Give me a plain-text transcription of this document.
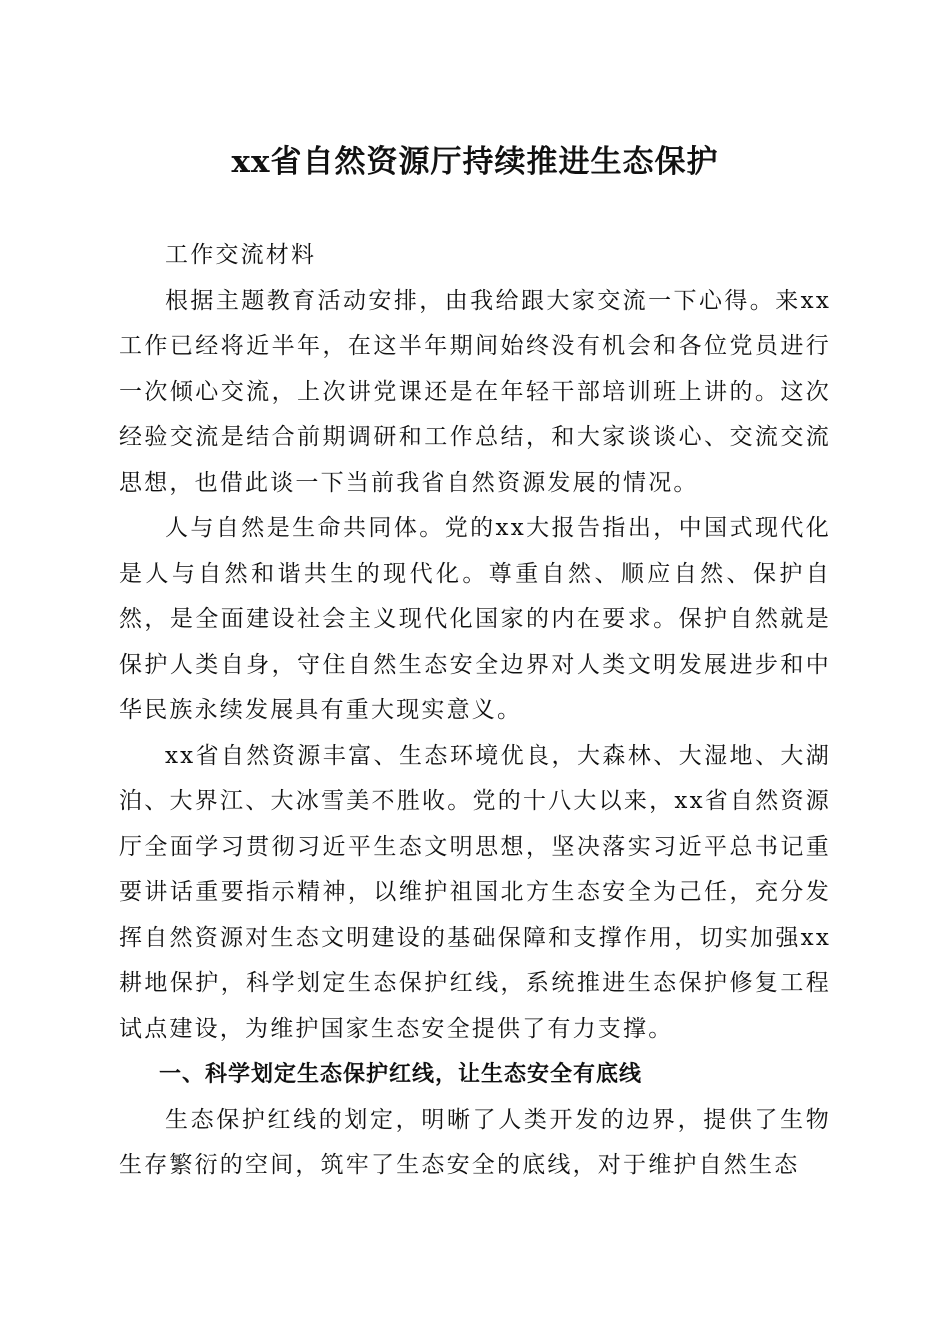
xx省自然资源厅持续推进生态保护

工作交流材料

根据主题教育活动安排，由我给跟大家交流一下心得。来xx工作已经将近半年，在这半年期间始终没有机会和各位党员进行一次倾心交流，上次讲党课还是在年轻干部培训班上讲的。这次经验交流是结合前期调研和工作总结，和大家谈谈心、交流交流思想，也借此谈一下当前我省自然资源发展的情况。

人与自然是生命共同体。党的xx大报告指出，中国式现代化是人与自然和谐共生的现代化。尊重自然、顺应自然、保护自然，是全面建设社会主义现代化国家的内在要求。保护自然就是保护人类自身，守住自然生态安全边界对人类文明发展进步和中华民族永续发展具有重大现实意义。

xx省自然资源丰富、生态环境优良，大森林、大湿地、大湖泊、大界江、大冰雪美不胜收。党的十八大以来，xx省自然资源厅全面学习贯彻习近平生态文明思想，坚决落实习近平总书记重要讲话重要指示精神，以维护祖国北方生态安全为己任，充分发挥自然资源对生态文明建设的基础保障和支撑作用，切实加强xx耕地保护，科学划定生态保护红线，系统推进生态保护修复工程试点建设，为维护国家生态安全提供了有力支撑。

一、科学划定生态保护红线，让生态安全有底线

生态保护红线的划定，明晰了人类开发的边界，提供了生物生存繁衍的空间，筑牢了生态安全的底线，对于维护自然生态
